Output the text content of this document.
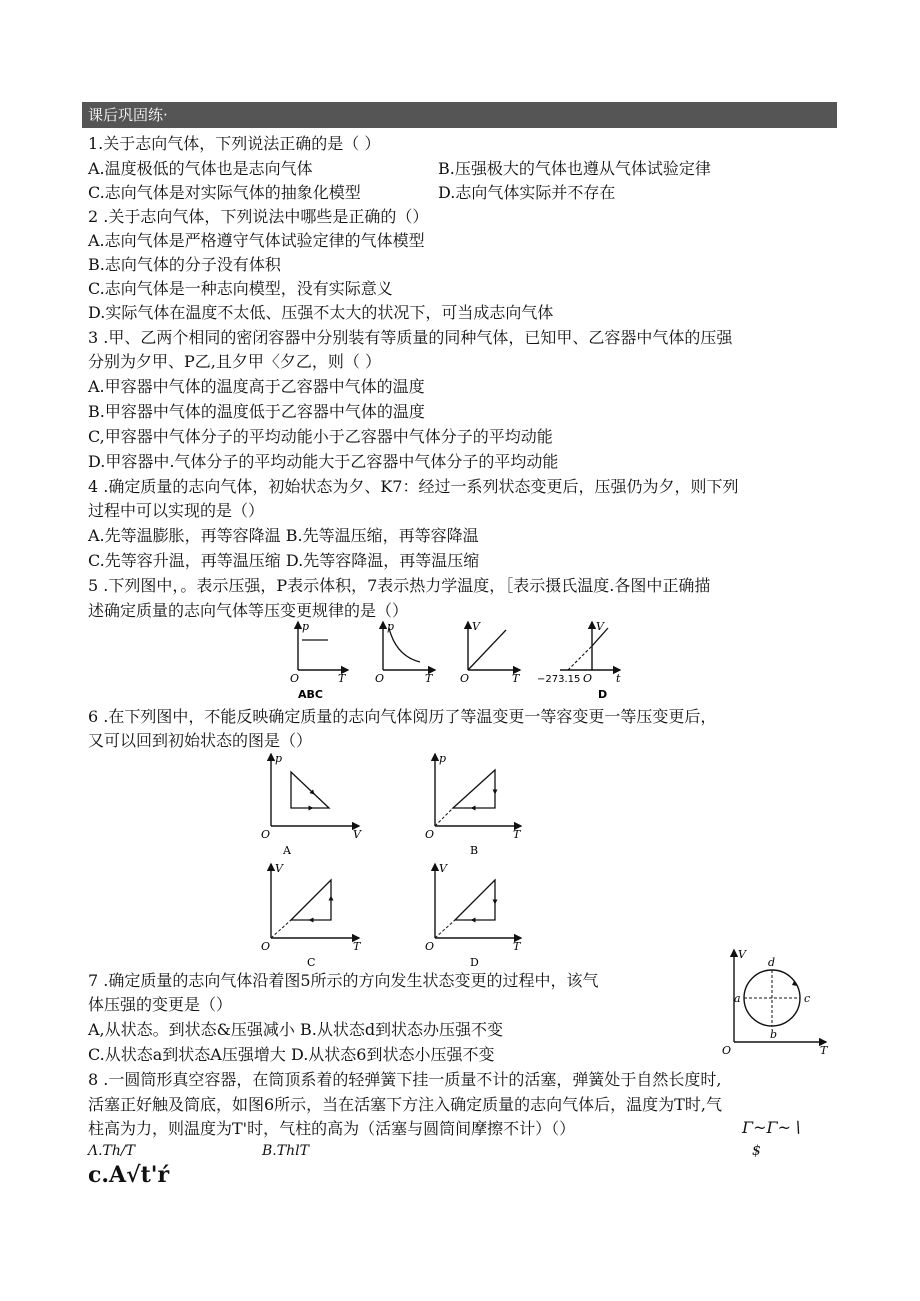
课后巩固练·
1.关于志向气体，下列说法正确的是（ ）
A.温度极低的气体也是志向气体	B.压强极大的气体也遵从气体试验定律
C.志向气体是对实际气体的抽象化模型	D.志向气体实际并不存在
2 .关于志向气体，下列说法中哪些是正确的（）
A.志向气体是严格遵守气体试验定律的气体模型
B.志向气体的分子没有体积
C.志向气体是一种志向模型，没有实际意义
D.实际气体在温度不太低、压强不太大的状况下，可当成志向气体
3 .甲、乙两个相同的密闭容器中分别装有等质量的同种气体，已知甲、乙容器中气体的压强
分别为夕甲、P乙,且夕甲〈夕乙，则（ ）
A.甲容器中气体的温度高于乙容器中气体的温度
B.甲容器中气体的温度低于乙容器中气体的温度
C,甲容器中气体分子的平均动能小于乙容器中气体分子的平均动能
D.甲容器中.气体分子的平均动能大于乙容器中气体分子的平均动能
4 .确定质量的志向气体，初始状态为夕、K7：经过一系列状态变更后，压强仍为夕，则下列
过程中可以实现的是（）
A.先等温膨胀，再等容降温 B.先等温压缩，再等容降温
C.先等容升温，再等温压缩 D.先等容降温，再等温压缩
5 .下列图中，。表示压强，P表示体积，7表示热力学温度，［表示摄氏温度.各图中正确描
述确定质量的志向气体等压变更规律的是（）
p
T
O
p
T
O
V
T
O
V
t
O
−273.15
ABC	D
6 .在下列图中，不能反映确定质量的志向气体阅历了等温变更一等容变更一等压变更后，
又可以回到初始状态的图是（）
p
V
O
A
p
T
O
B
V
T
O
C
V
T
O
D
7 .确定质量的志向气体沿着图5所示的方向发生状态变更的过程中，该气
体压强的变更是（）
A,从状态。到状态&压强减小 B.从状态d到状态办压强不变
C.从状态a到状态A压强增大 D.从状态6到状态小压强不变
V
T
O
d
a	c
b
8 .一圆筒形真空容器，在筒顶系着的轻弹簧下挂一质量不计的活塞，弹簧处于自然长度时,
活塞正好触及筒底，如图6所示，当在活塞下方注入确定质量的志向气体后，温度为T时,气
柱高为力，则温度为T'时，气柱的高为（活塞与圆筒间摩擦不计）（）	Γ~Γ~∖
Λ.Th/T	B.ThlT	$
c.A√t'ŕ
